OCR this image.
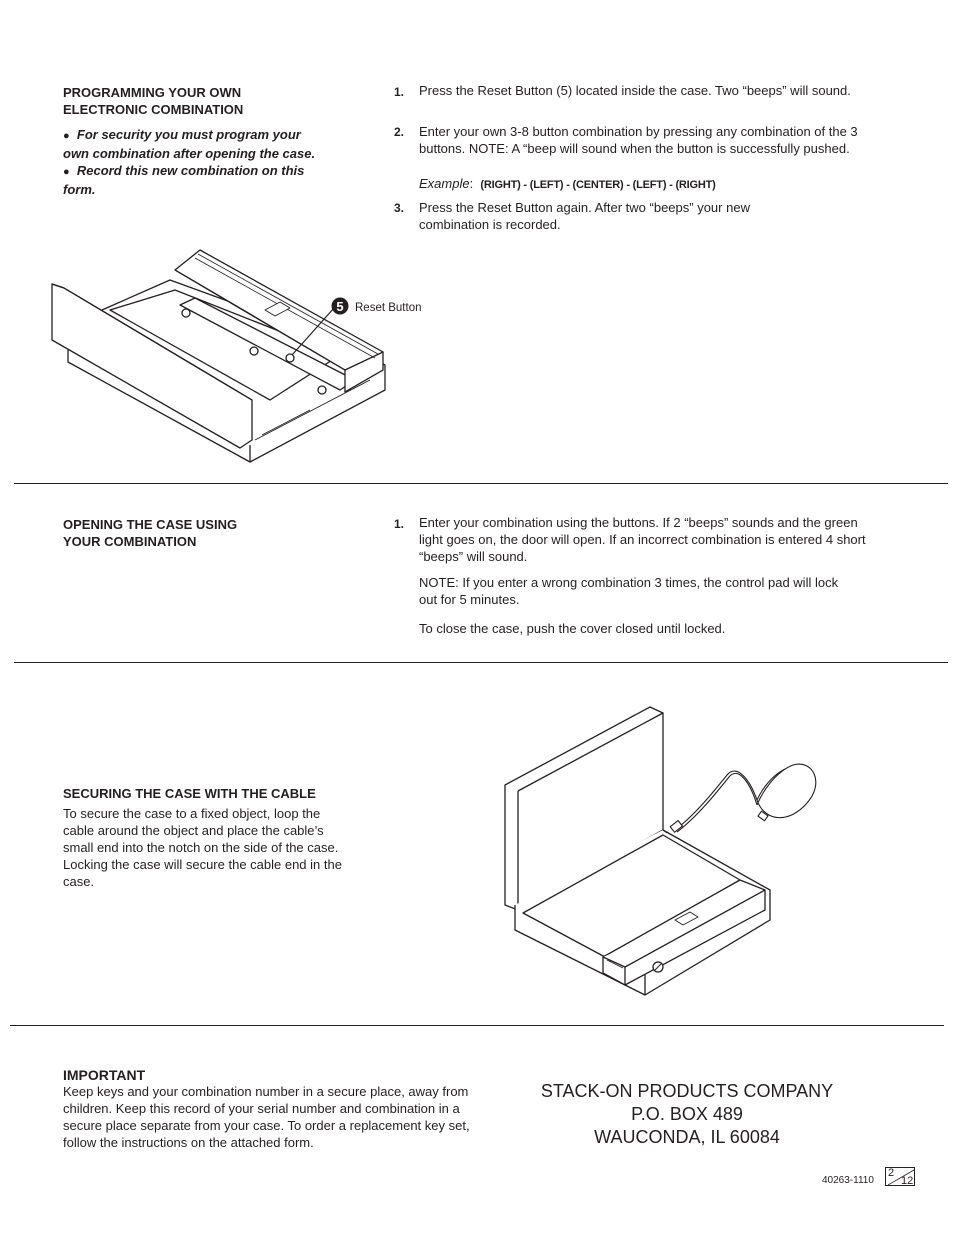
PROGRAMMING YOUR OWN
ELECTRONIC COMBINATION
● For security you must program your own combination after opening the case.
● Record this new combination on this form.
1. Press the Reset Button (5) located inside the case. Two “beeps” will sound.
2. Enter your own 3-8 button combination by pressing any combination of the 3 buttons. NOTE: A “beep will sound when the button is successfully pushed.
Example:  (RIGHT) - (LEFT) - (CENTER) - (LEFT) - (RIGHT)
3. Press the Reset Button again. After two “beeps” your new combination is recorded.
5 Reset Button
OPENING THE CASE USING
YOUR COMBINATION
1. Enter your combination using the buttons. If 2 “beeps” sounds and the green light goes on, the door will open. If an incorrect combination is entered 4 short “beeps” will sound.
NOTE: If you enter a wrong combination 3 times, the control pad will lock out for 5 minutes.
To close the case, push the cover closed until locked.
SECURING THE CASE WITH THE CABLE
To secure the case to a fixed object, loop the cable around the object and place the cable’s small end into the notch on the side of the case. Locking the case will secure the cable end in the case.
IMPORTANT
Keep keys and your combination number in a secure place, away from children. Keep this record of your serial number and combination in a secure place separate from your case. To order a replacement key set, follow the instructions on the attached form.
STACK-ON PRODUCTS COMPANY
P.O. BOX 489
WAUCONDA, IL 60084
40263-1110
2
12
